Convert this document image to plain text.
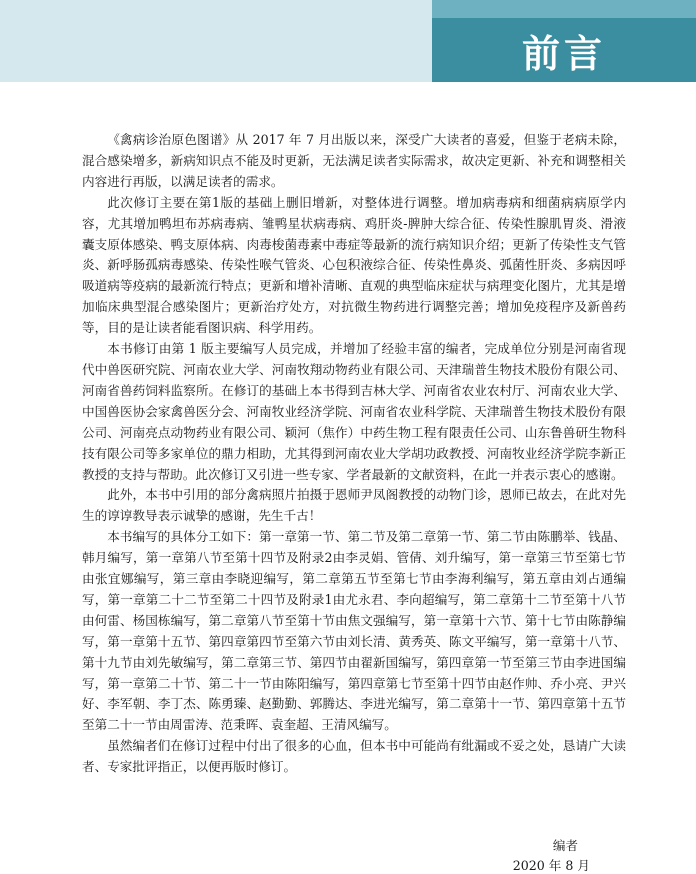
前言

《禽病诊治原色图谱》从 2017 年 7 月出版以来，深受广大读者的喜爱，但鉴于老病未除，混合感染增多，新病知识点不能及时更新，无法满足读者实际需求，故决定更新、补充和调整相关内容进行再版，以满足读者的需求。

此次修订主要在第1版的基础上删旧增新，对整体进行调整。增加病毒病和细菌病病原学内容，尤其增加鸭坦布苏病毒病、雏鸭星状病毒病、鸡肝炎-脾肿大综合征、传染性腺肌胃炎、滑液囊支原体感染、鸭支原体病、肉毒梭菌毒素中毒症等最新的流行病知识介绍；更新了传染性支气管炎、新呼肠孤病毒感染、传染性喉气管炎、心包积液综合征、传染性鼻炎、弧菌性肝炎、多病因呼吸道病等疫病的最新流行特点；更新和增补清晰、直观的典型临床症状与病理变化图片，尤其是增加临床典型混合感染图片；更新治疗处方，对抗微生物药进行调整完善；增加免疫程序及新兽药等，目的是让读者能看图识病、科学用药。

本书修订由第 1 版主要编写人员完成，并增加了经验丰富的编者，完成单位分别是河南省现代中兽医研究院、河南农业大学、河南牧翔动物药业有限公司、天津瑞普生物技术股份有限公司、河南省兽药饲料监察所。在修订的基础上本书得到吉林大学、河南省农业农村厅、河南农业大学、中国兽医协会家禽兽医分会、河南牧业经济学院、河南省农业科学院、天津瑞普生物技术股份有限公司、河南亮点动物药业有限公司、颖河（焦作）中药生物工程有限责任公司、山东鲁兽研生物科技有限公司等多家单位的鼎力相助，尤其得到河南农业大学胡功政教授、河南牧业经济学院李新正教授的支持与帮助。此次修订又引进一些专家、学者最新的文献资料，在此一并表示衷心的感谢。

此外，本书中引用的部分禽病照片拍摄于恩师尹凤阁教授的动物门诊，恩师已故去，在此对先生的谆谆教导表示诚挚的感谢，先生千古！

本书编写的具体分工如下：第一章第一节、第二节及第二章第一节、第二节由陈鹏举、钱晶、韩月编写，第一章第八节至第十四节及附录2由李灵娟、管倩、刘升编写，第一章第三节至第七节由张宜娜编写，第三章由李晓迎编写，第二章第五节至第七节由李海利编写，第五章由刘占通编写，第一章第二十二节至第二十四节及附录1由尤永君、李向超编写，第二章第十二节至第十八节由何雷、杨国栋编写，第二章第八节至第十节由焦文强编写，第一章第十六节、第十七节由陈静编写，第一章第十五节、第四章第四节至第六节由刘长清、黄秀英、陈文平编写，第一章第十八节、第十九节由刘先敏编写，第二章第三节、第四节由翟新国编写，第四章第一节至第三节由李进国编写，第一章第二十节、第二十一节由陈阳编写，第四章第七节至第十四节由赵作帅、乔小亮、尹兴好、李军朝、李丁杰、陈勇臻、赵勤勤、郭腾达、李进光编写，第二章第十一节、第四章第十五节至第二十一节由周雷涛、范秉晖、袁奎超、王清风编写。

虽然编者们在修订过程中付出了很多的心血，但本书中可能尚有纰漏或不妥之处，恳请广大读者、专家批评指正，以便再版时修订。

编者
2020 年 8 月
